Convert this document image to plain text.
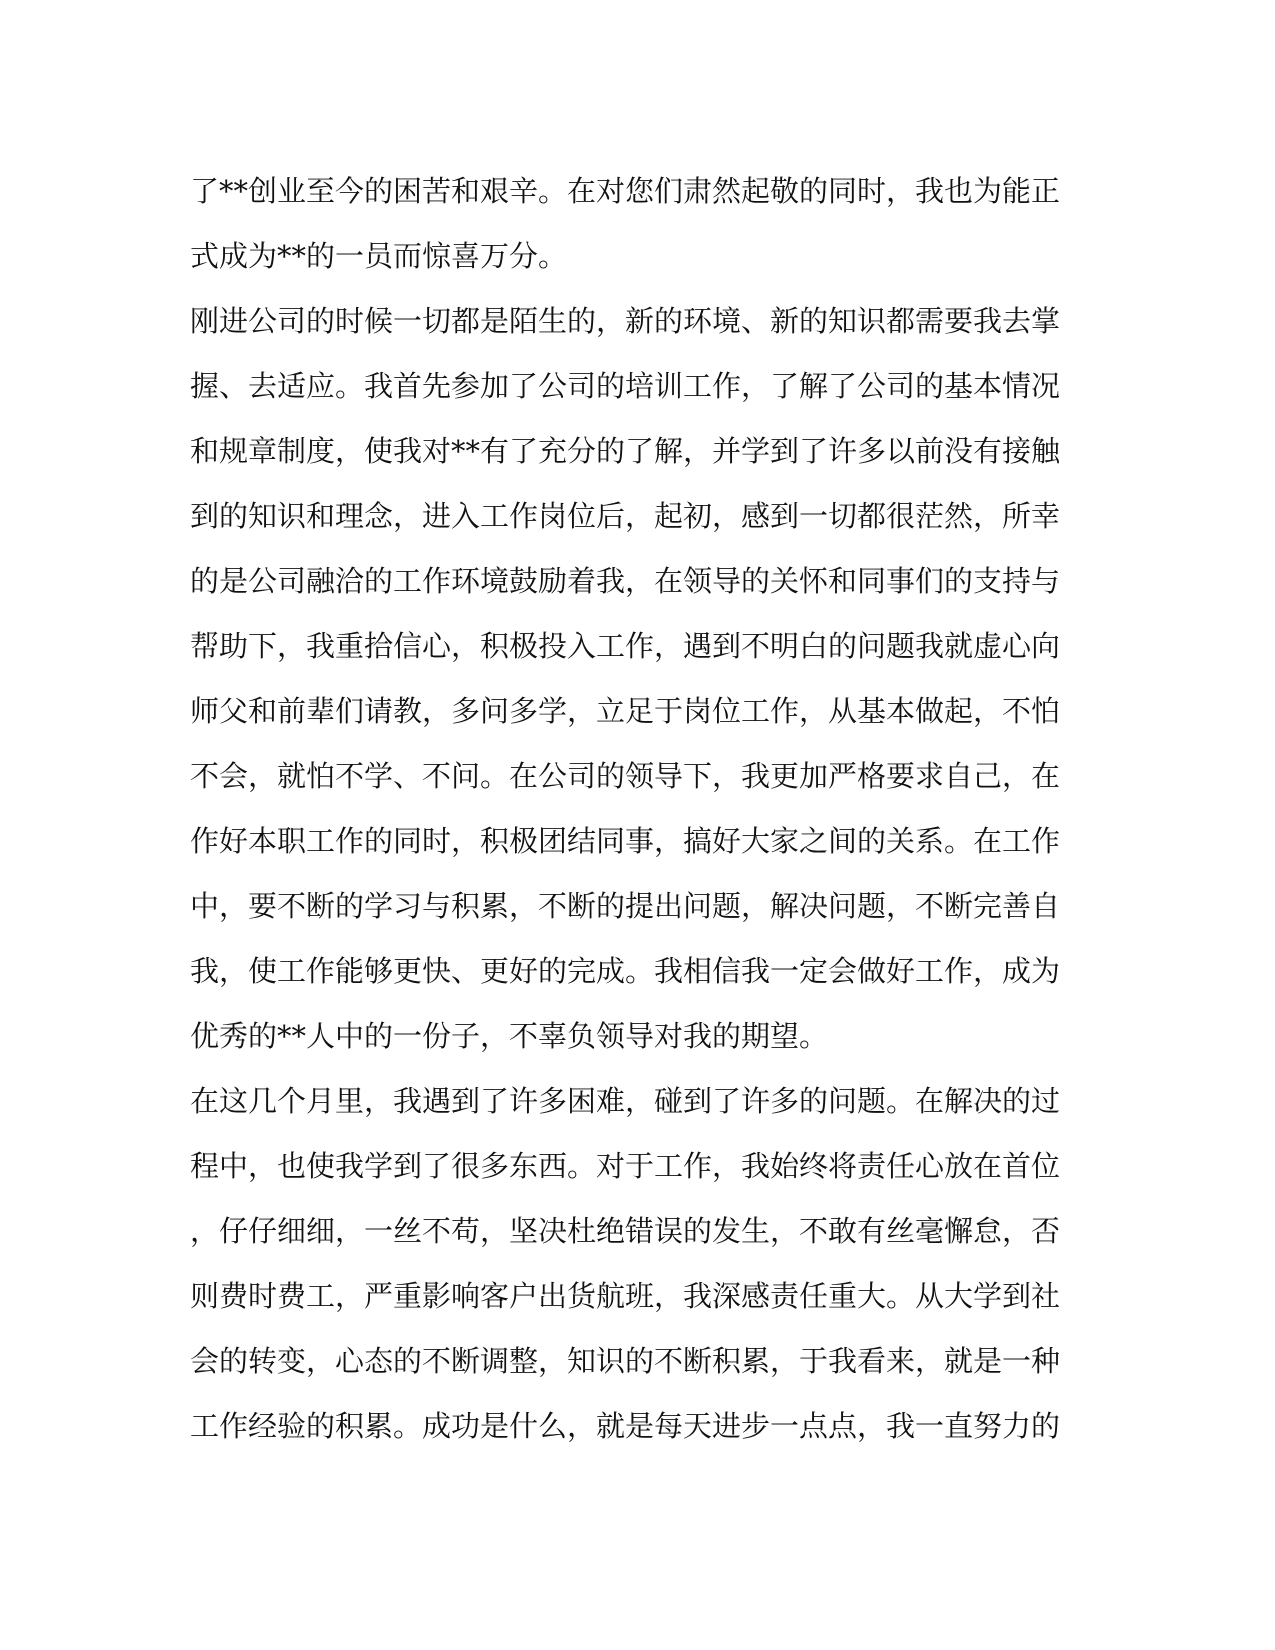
了**创业至今的困苦和艰辛。在对您们肃然起敬的同时，我也为能正
式成为**的一员而惊喜万分。
刚进公司的时候一切都是陌生的，新的环境、新的知识都需要我去掌
握、去适应。我首先参加了公司的培训工作，了解了公司的基本情况
和规章制度，使我对**有了充分的了解，并学到了许多以前没有接触
到的知识和理念，进入工作岗位后，起初，感到一切都很茫然，所幸
的是公司融洽的工作环境鼓励着我，在领导的关怀和同事们的支持与
帮助下，我重拾信心，积极投入工作，遇到不明白的问题我就虚心向
师父和前辈们请教，多问多学，立足于岗位工作，从基本做起，不怕
不会，就怕不学、不问。在公司的领导下，我更加严格要求自己，在
作好本职工作的同时，积极团结同事，搞好大家之间的关系。在工作
中，要不断的学习与积累，不断的提出问题，解决问题，不断完善自
我，使工作能够更快、更好的完成。我相信我一定会做好工作，成为
优秀的**人中的一份子，不辜负领导对我的期望。
在这几个月里，我遇到了许多困难，碰到了许多的问题。在解决的过
程中，也使我学到了很多东西。对于工作，我始终将责任心放在首位
，仔仔细细，一丝不苟，坚决杜绝错误的发生，不敢有丝毫懈怠，否
则费时费工，严重影响客户出货航班，我深感责任重大。从大学到社
会的转变，心态的不断调整，知识的不断积累，于我看来，就是一种
工作经验的积累。成功是什么，就是每天进步一点点，我一直努力的
